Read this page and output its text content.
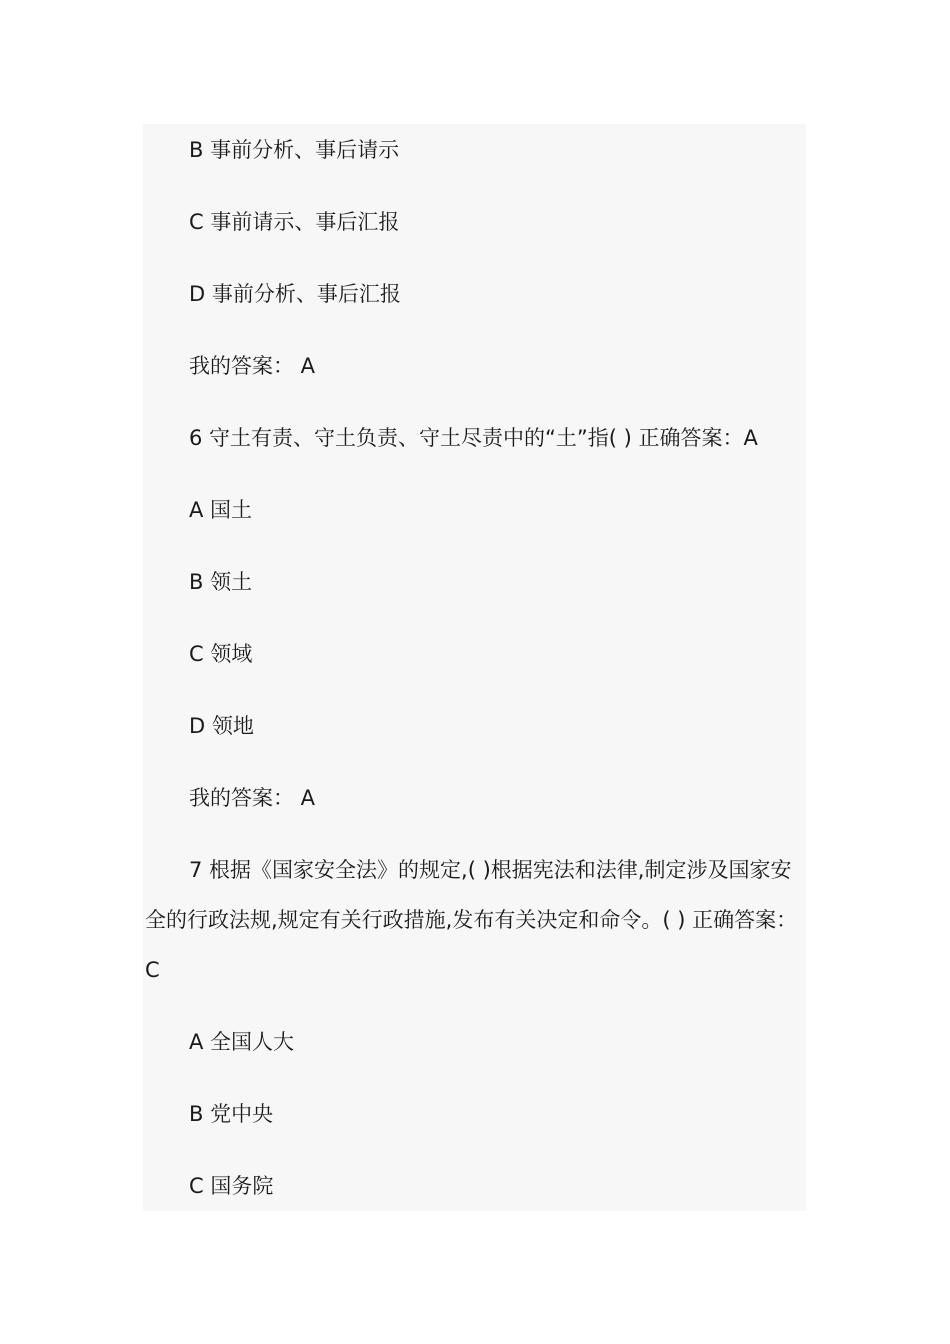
B 事前分析、事后请示
C 事前请示、事后汇报
D 事前分析、事后汇报
我的答案： A
6 守土有责、守土负责、守土尽责中的“土”指( ) 正确答案：A
A 国土
B 领土
C 领域
D 领地
我的答案： A
7 根据《国家安全法》的规定,( )根据宪法和法律,制定涉及国家安
全的行政法规,规定有关行政措施,发布有关决定和命令。( ) 正确答案：
C
A 全国人大
B 党中央
C 国务院
